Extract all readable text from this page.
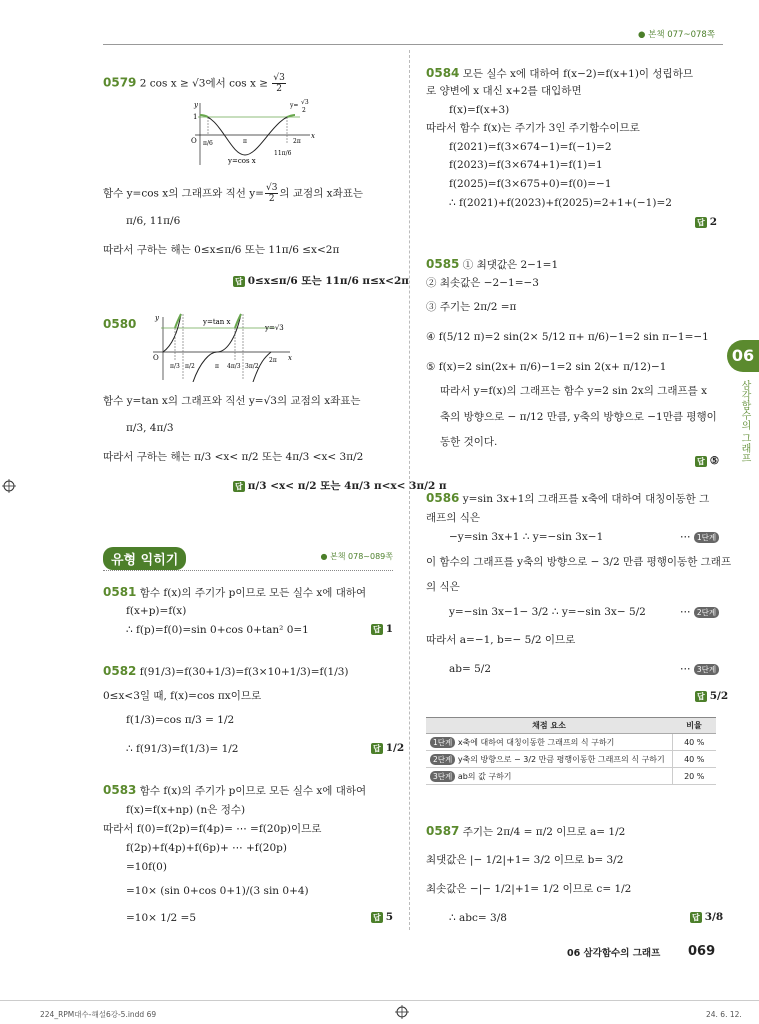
● 본책 077~078쪽
0579 2 cos x ≥ √3에서 $\cos x \ge \frac{√3}{2}$
y
x
O
1
π/6	π	2π
11π/6
y=cos x
y= √3
2
함수 y=cos x의 그래프와 직선 $y= \frac{√3}{2}$ 의 교점의 x좌표는
π/6, 11π/6
따라서 구하는 해는 0≤x≤π/6 또는 11π/6 ≤x<2π
답 0≤x≤π/6 또는 11π/6 π≤x<2π
0580	y
x
O
y=tan x
y=√3
π/3 π/2	π 4π/3 3π/2
2π
함수 y=tan x의 그래프와 직선 y=√3의 교점의 x좌표는
π/3, 4π/3
따라서 구하는 해는 π/3 <x< π/2 또는 4π/3 <x< 3π/2
답 π/3 <x< π/2 또는 4π/3 π<x< 3π/2 π
유형 익히기	● 본책 078~089쪽
0581 함수 f(x)의 주기가 p이므로 모든 실수 x에 대하여
f(x+p)=f(x)
∴ f(p)=f(0)=sin 0+cos 0+tan² 0=1	답 1
0582 f(91/3)=f(30+1/3)=f(3×10+1/3)=f(1/3)
0≤x<3일 때, f(x)=cos πx이므로
f(1/3)=cos π/3 = 1/2
∴ f(91/3)=f(1/3)= 1/2	답 1/2
0583 함수 f(x)의 주기가 p이므로 모든 실수 x에 대하여
f(x)=f(x+np) (n은 정수)
따라서 f(0)=f(2p)=f(4p)= ⋯ =f(20p)이므로
f(2p)+f(4p)+f(6p)+ ⋯ +f(20p)
=10f(0)
=10× (sin 0+cos 0+1)/(3 sin 0+4)
=10× 1/2 =5	답 5
0584 모든 실수 x에 대하여 f(x−2)=f(x+1)이 성립하므
로 양변에 x 대신 x+2를 대입하면
f(x)=f(x+3)
따라서 함수 f(x)는 주기가 3인 주기함수이므로
f(2021)=f(3×674−1)=f(−1)=2
f(2023)=f(3×674+1)=f(1)=1
f(2025)=f(3×675+0)=f(0)=−1
∴ f(2021)+f(2023)+f(2025)=2+1+(−1)=2
답 2
0585 ① 최댓값은 2−1=1
② 최솟값은 −2−1=−3
③ 주기는 2π/2 =π
④ f(5/12 π)=2 sin(2× 5/12 π+ π/6)−1=2 sin π−1=−1
⑤ f(x)=2 sin(2x+ π/6)−1=2 sin 2(x+ π/12)−1
따라서 y=f(x)의 그래프는 함수 y=2 sin 2x의 그래프를 x
축의 방향으로 − π/12 만큼, y축의 방향으로 −1만큼 평행이
동한 것이다.
답 ⑤
0586 y=sin 3x+1의 그래프를 x축에 대하여 대칭이동한 그
래프의 식은
−y=sin 3x+1 ∴ y=−sin 3x−1	⋯ 1단계
이 함수의 그래프를 y축의 방향으로 − 3/2 만큼 평행이동한 그래프
의 식은
y=−sin 3x−1− 3/2 ∴ y=−sin 3x− 5/2	⋯ 2단계
따라서 a=−1, b=− 5/2 이므로
ab= 5/2	⋯ 3단계
답 5/2
채점 요소	비율
1단계 x축에 대하여 대칭이동한 그래프의 식 구하기	40 %
2단계 y축의 방향으로 − 3/2 만큼 평행이동한 그래프의 식 구하기	40 %
3단계 ab의 값 구하기	20 %
0587 주기는 2π/4 = π/2 이므로 a= 1/2
최댓값은 |− 1/2|+1= 3/2 이므로 b= 3/2
최솟값은 −|− 1/2|+1= 1/2 이므로 c= 1/2
∴ abc= 3/8	답 3/8
06
삼각함수의 그래프
06 삼각함수의 그래프 069
224_RPM대수-해설6강-5.indd 69	24. 6. 12.
